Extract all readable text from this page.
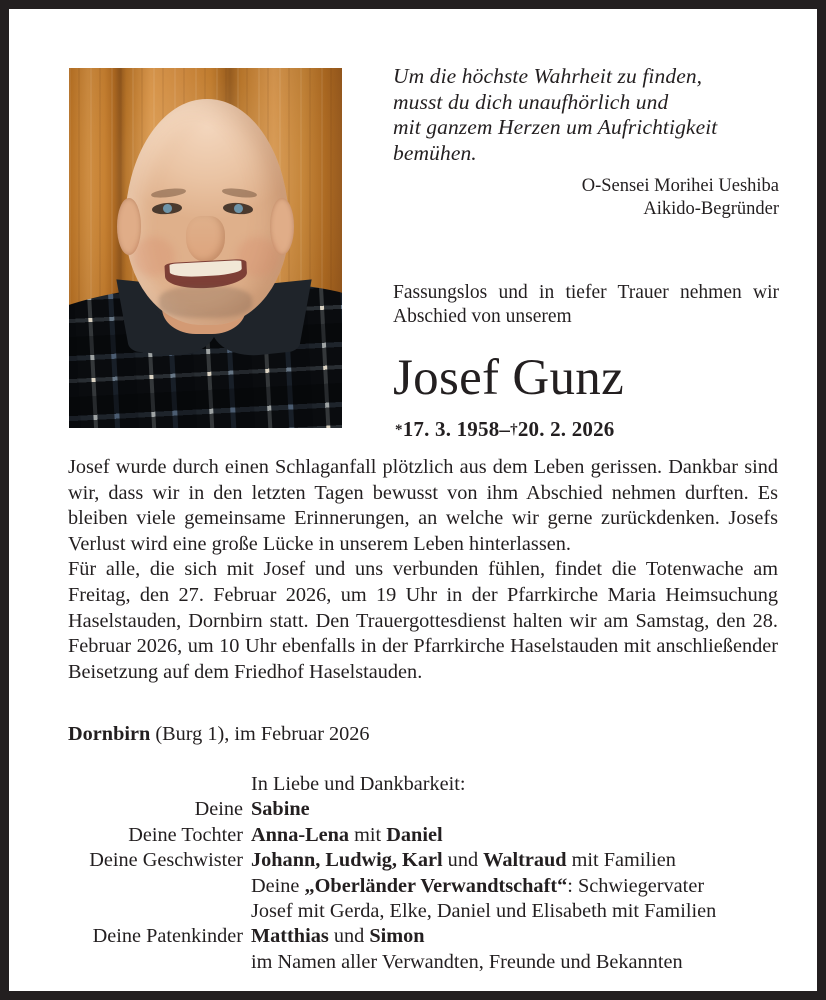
Um die höchste Wahrheit zu finden,
musst du dich unaufhörlich und
mit ganzem Herzen um Aufrichtigkeit
bemühen.
O-Sensei Morihei Ueshiba
Aikido-Begründer
Fassungslos und in tiefer Trauer nehmen wir Abschied von unserem
Josef Gunz
*17. 3. 1958–†20. 2. 2026

Josef wurde durch einen Schlaganfall plötzlich aus dem Leben gerissen. Dankbar sind wir, dass wir in den letzten Tagen bewusst von ihm Abschied nehmen durften. Es bleiben viele gemeinsame Erinnerungen, an welche wir gerne zurückdenken. Josefs Verlust wird eine große Lücke in unserem Leben hinterlassen.

Für alle, die sich mit Josef und uns verbunden fühlen, findet die Totenwache am Freitag, den 27. Februar 2026, um 19 Uhr in der Pfarrkirche Maria Heimsuchung Haselstauden, Dornbirn statt. Den Trauergottesdienst halten wir am Samstag, den 28. Februar 2026, um 10 Uhr ebenfalls in der Pfarrkirche Haselstauden mit anschließender Beisetzung auf dem Friedhof Haselstauden.

Dornbirn (Burg 1), im Februar 2026
In Liebe und Dankbarkeit:
Deine Sabine
Deine Tochter Anna-Lena mit Daniel
Deine Geschwister Johann, Ludwig, Karl und Waltraud mit Familien
Deine „Oberländer Verwandtschaft“: Schwiegervater
Josef mit Gerda, Elke, Daniel und Elisabeth mit Familien
Deine Patenkinder Matthias und Simon
im Namen aller Verwandten, Freunde und Bekannten
